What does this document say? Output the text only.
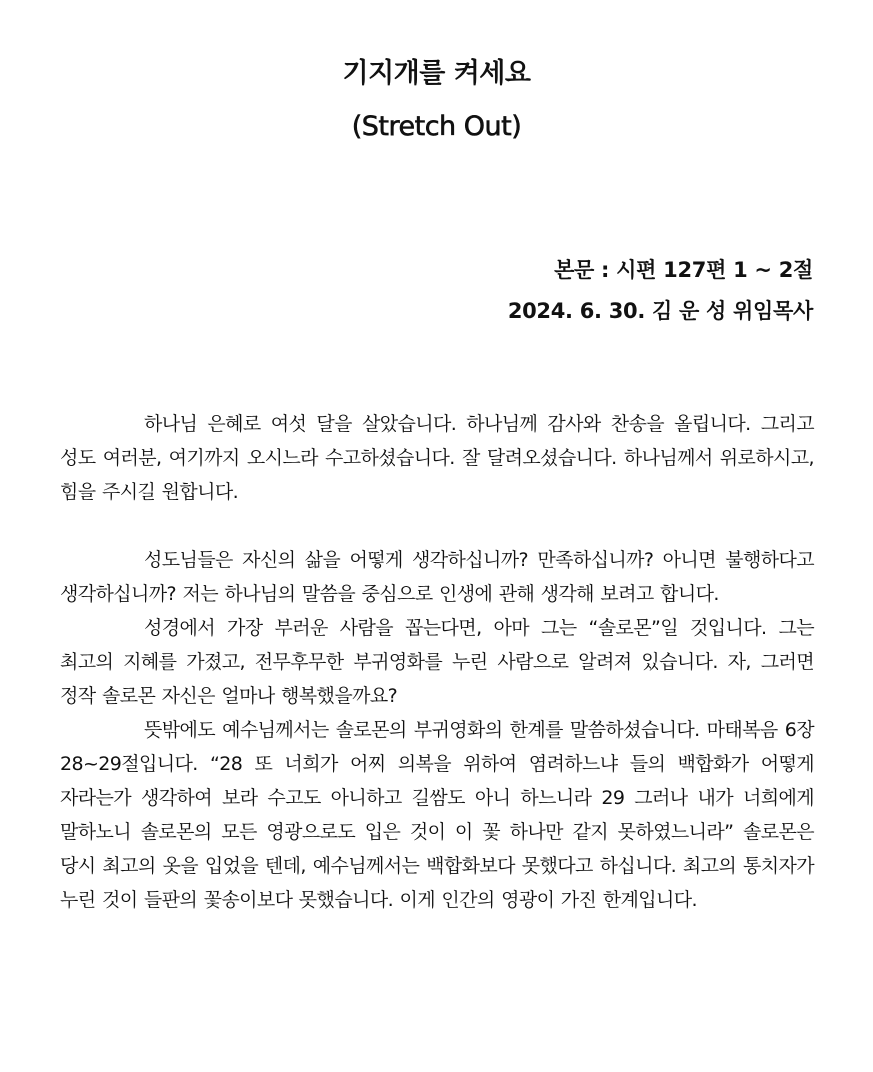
기지개를 켜세요
(Stretch Out)
본문 : 시편 127편 1 ~ 2절
2024. 6. 30. 김 운 성 위임목사

하나님 은혜로 여섯 달을 살았습니다. 하나님께 감사와 찬송을 올립니다. 그리고 성도 여러분, 여기까지 오시느라 수고하셨습니다. 잘 달려오셨습니다. 하나님께서 위로하시고, 힘을 주시길 원합니다.

성도님들은 자신의 삶을 어떻게 생각하십니까? 만족하십니까? 아니면 불행하다고 생각하십니까? 저는 하나님의 말씀을 중심으로 인생에 관해 생각해 보려고 합니다.

성경에서 가장 부러운 사람을 꼽는다면, 아마 그는 “솔로몬”일 것입니다. 그는 최고의 지혜를 가졌고, 전무후무한 부귀영화를 누린 사람으로 알려져 있습니다. 자, 그러면 정작 솔로몬 자신은 얼마나 행복했을까요?

뜻밖에도 예수님께서는 솔로몬의 부귀영화의 한계를 말씀하셨습니다. 마태복음 6장 28~29절입니다. “28 또 너희가 어찌 의복을 위하여 염려하느냐 들의 백합화가 어떻게 자라는가 생각하여 보라 수고도 아니하고 길쌈도 아니 하느니라 29 그러나 내가 너희에게 말하노니 솔로몬의 모든 영광으로도 입은 것이 이 꽃 하나만 같지 못하였느니라” 솔로몬은 당시 최고의 옷을 입었을 텐데, 예수님께서는 백합화보다 못했다고 하십니다. 최고의 통치자가 누린 것이 들판의 꽃송이보다 못했습니다. 이게 인간의 영광이 가진 한계입니다.
